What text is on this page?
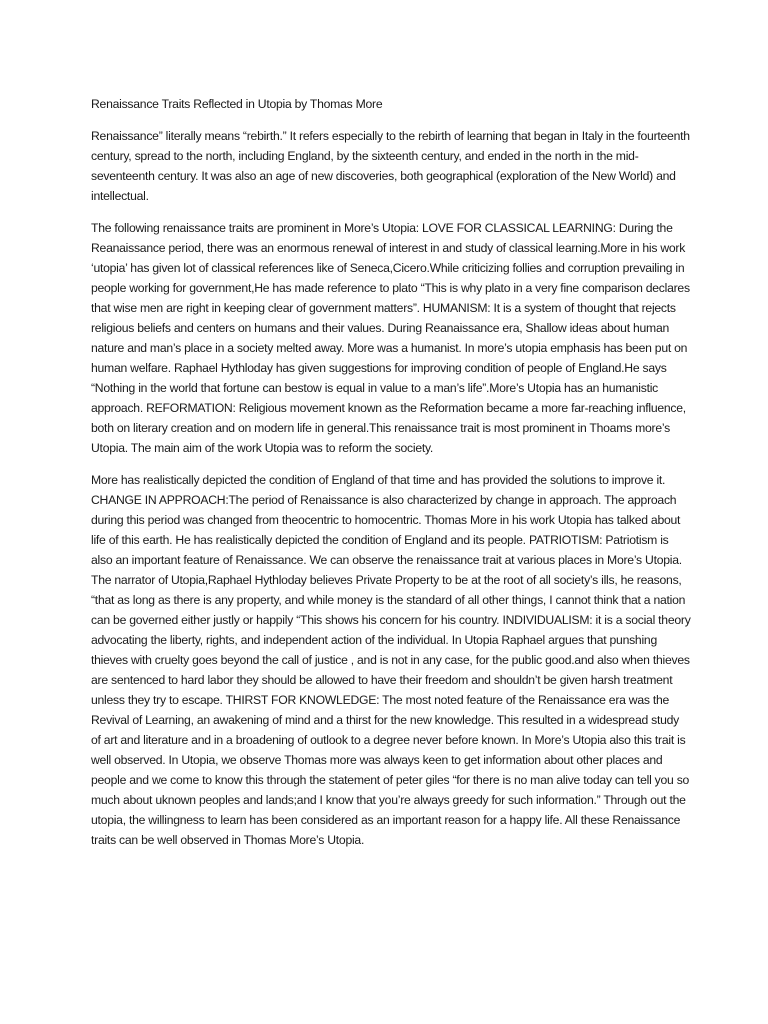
Renaissance Traits Reflected in Utopia by Thomas More

Renaissance” literally means “rebirth.” It refers especially to the rebirth of learning that began in Italy in the fourteenth century, spread to the north, including England, by the sixteenth century, and ended in the north in the mid-seventeenth century. It was also an age of new discoveries, both geographical (exploration of the New World) and intellectual.

The following renaissance traits are prominent in More’s Utopia: LOVE FOR CLASSICAL LEARNING: During the Reanaissance period, there was an enormous renewal of interest in and study of classical learning.More in his work ‘utopia’ has given lot of classical references like of Seneca,Cicero.While criticizing follies and corruption prevailing in people working for government,He has made reference to plato “This is why plato in a very fine comparison declares that wise men are right in keeping clear of government matters”. HUMANISM: It is a system of thought that rejects religious beliefs and centers on humans and their values. During Reanaissance era, Shallow ideas about human nature and man’s place in a society melted away. More was a humanist. In more’s utopia emphasis has been put on human welfare. Raphael Hythloday has given suggestions for improving condition of people of England.He says “Nothing in the world that fortune can bestow is equal in value to a man’s life”.More’s Utopia has an humanistic approach. REFORMATION: Religious movement known as the Reformation became a more far-reaching influence, both on literary creation and on modern life in general.This renaissance trait is most prominent in Thoams more’s Utopia. The main aim of the work Utopia was to reform the society.

More has realistically depicted the condition of England of that time and has provided the solutions to improve it. CHANGE IN APPROACH:The period of Renaissance is also characterized by change in approach. The approach during this period was changed from theocentric to homocentric. Thomas More in his work Utopia has talked about life of this earth. He has realistically depicted the condition of England and its people. PATRIOTISM: Patriotism is also an important feature of Renaissance. We can observe the renaissance trait at various places in More’s Utopia. The narrator of Utopia,Raphael Hythloday believes Private Property to be at the root of all society’s ills, he reasons, “that as long as there is any property, and while money is the standard of all other things, I cannot think that a nation can be governed either justly or happily “This shows his concern for his country. INDIVIDUALISM: it is a social theory advocating the liberty, rights, and independent action of the individual. In Utopia Raphael argues that punshing thieves with cruelty goes beyond the call of justice , and is not in any case, for the public good.and also when thieves are sentenced to hard labor they should be allowed to have their freedom and shouldn’t be given harsh treatment unless they try to escape. THIRST FOR KNOWLEDGE: The most noted feature of the Renaissance era was the Revival of Learning, an awakening of mind and a thirst for the new knowledge. This resulted in a widespread study of art and literature and in a broadening of outlook to a degree never before known. In More’s Utopia also this trait is well observed. In Utopia, we observe Thomas more was always keen to get information about other places and people and we come to know this through the statement of peter giles “for there is no man alive today can tell you so much about uknown peoples and lands;and I know that you’re always greedy for such information.” Through out the utopia, the willingness to learn has been considered as an important reason for a happy life. All these Renaissance traits can be well observed in Thomas More’s Utopia.
